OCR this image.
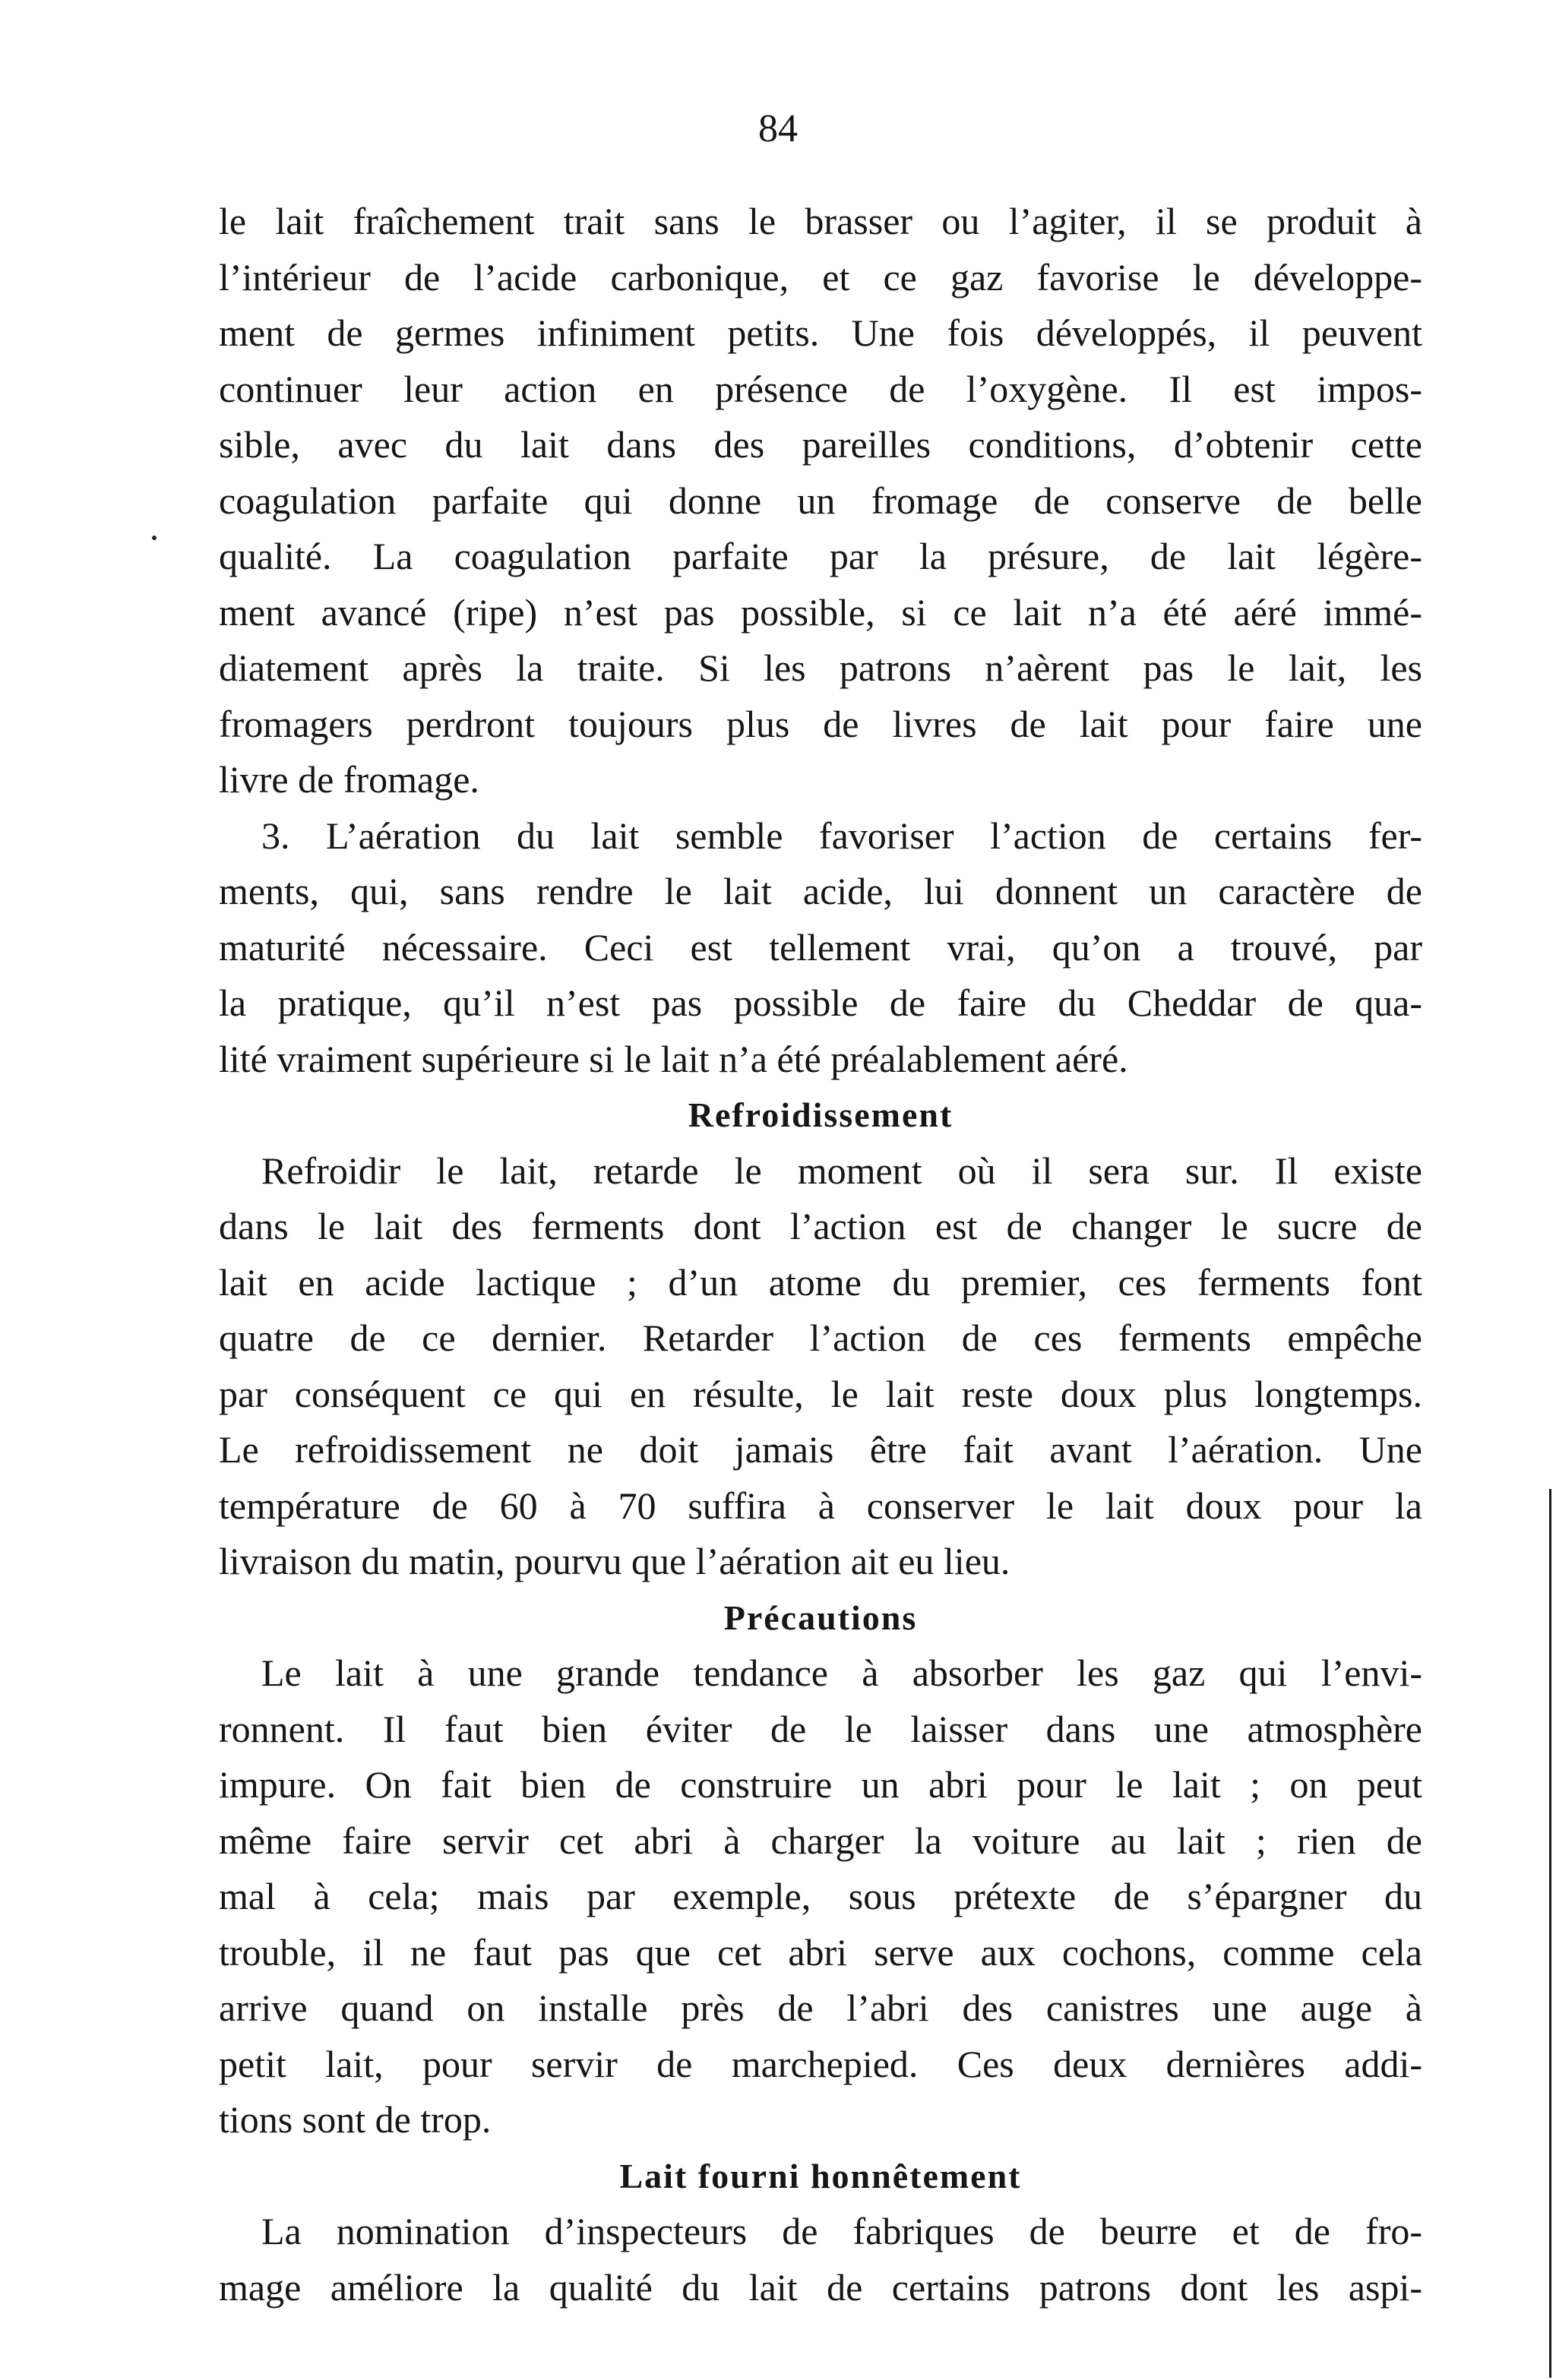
84
le lait fraîchement trait sans le brasser ou l’agiter, il se produit à
l’intérieur de l’acide carbonique, et ce gaz favorise le développe-
ment de germes infiniment petits. Une fois développés, il peuvent
continuer leur action en présence de l’oxygène. Il est impos-
sible, avec du lait dans des pareilles conditions, d’obtenir cette
coagulation parfaite qui donne un fromage de conserve de belle
qualité. La coagulation parfaite par la présure, de lait légère-
ment avancé (ripe) n’est pas possible, si ce lait n’a été aéré immé-
diatement après la traite. Si les patrons n’aèrent pas le lait, les
fromagers perdront toujours plus de livres de lait pour faire une
livre de fromage.
3. L’aération du lait semble favoriser l’action de certains fer-
ments, qui, sans rendre le lait acide, lui donnent un caractère de
maturité nécessaire. Ceci est tellement vrai, qu’on a trouvé, par
la pratique, qu’il n’est pas possible de faire du Cheddar de qua-
lité vraiment supérieure si le lait n’a été préalablement aéré.
Refroidissement
Refroidir le lait, retarde le moment où il sera sur. Il existe
dans le lait des ferments dont l’action est de changer le sucre de
lait en acide lactique ; d’un atome du premier, ces ferments font
quatre de ce dernier. Retarder l’action de ces ferments empêche
par conséquent ce qui en résulte, le lait reste doux plus longtemps.
Le refroidissement ne doit jamais être fait avant l’aération. Une
température de 60 à 70 suffira à conserver le lait doux pour la
livraison du matin, pourvu que l’aération ait eu lieu.
Précautions
Le lait à une grande tendance à absorber les gaz qui l’envi-
ronnent. Il faut bien éviter de le laisser dans une atmosphère
impure. On fait bien de construire un abri pour le lait ; on peut
même faire servir cet abri à charger la voiture au lait ; rien de
mal à cela; mais par exemple, sous prétexte de s’épargner du
trouble, il ne faut pas que cet abri serve aux cochons, comme cela
arrive quand on installe près de l’abri des canistres une auge à
petit lait, pour servir de marchepied. Ces deux dernières addi-
tions sont de trop.
Lait fourni honnêtement
La nomination d’inspecteurs de fabriques de beurre et de fro-
mage améliore la qualité du lait de certains patrons dont les aspi-
